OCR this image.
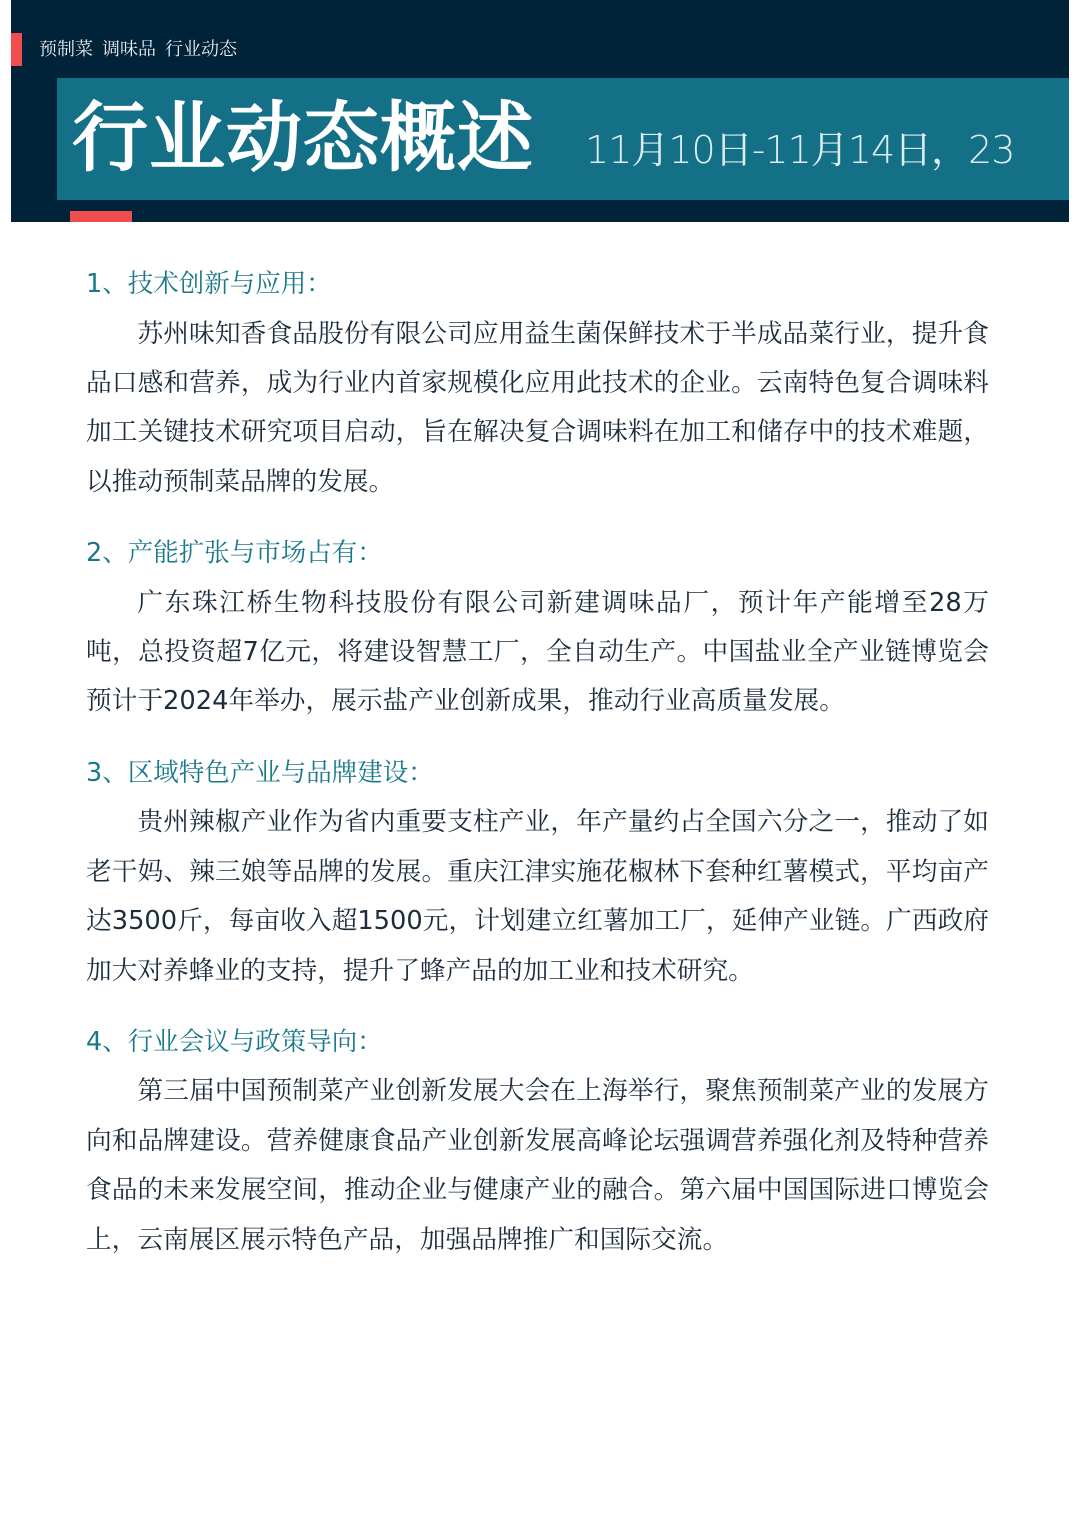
预制菜 调味品 行业动态
行业动态概述 11月10日-11月14日，23
1、技术创新与应用：

苏州味知香食品股份有限公司应用益生菌保鲜技术于半成品菜行业，提升食品口感和营养，成为行业内首家规模化应用此技术的企业。云南特色复合调味料加工关键技术研究项目启动，旨在解决复合调味料在加工和储存中的技术难题，以推动预制菜品牌的发展。

2、产能扩张与市场占有：

广东珠江桥生物科技股份有限公司新建调味品厂，预计年产能增至28万吨，总投资超7亿元，将建设智慧工厂，全自动生产。中国盐业全产业链博览会预计于2024年举办，展示盐产业创新成果，推动行业高质量发展。

3、区域特色产业与品牌建设：

贵州辣椒产业作为省内重要支柱产业，年产量约占全国六分之一，推动了如老干妈、辣三娘等品牌的发展。重庆江津实施花椒林下套种红薯模式，平均亩产达3500斤，每亩收入超1500元，计划建立红薯加工厂，延伸产业链。广西政府加大对养蜂业的支持，提升了蜂产品的加工业和技术研究。

4、行业会议与政策导向：

第三届中国预制菜产业创新发展大会在上海举行，聚焦预制菜产业的发展方向和品牌建设。营养健康食品产业创新发展高峰论坛强调营养强化剂及特种营养食品的未来发展空间，推动企业与健康产业的融合。第六届中国国际进口博览会上，云南展区展示特色产品，加强品牌推广和国际交流。
